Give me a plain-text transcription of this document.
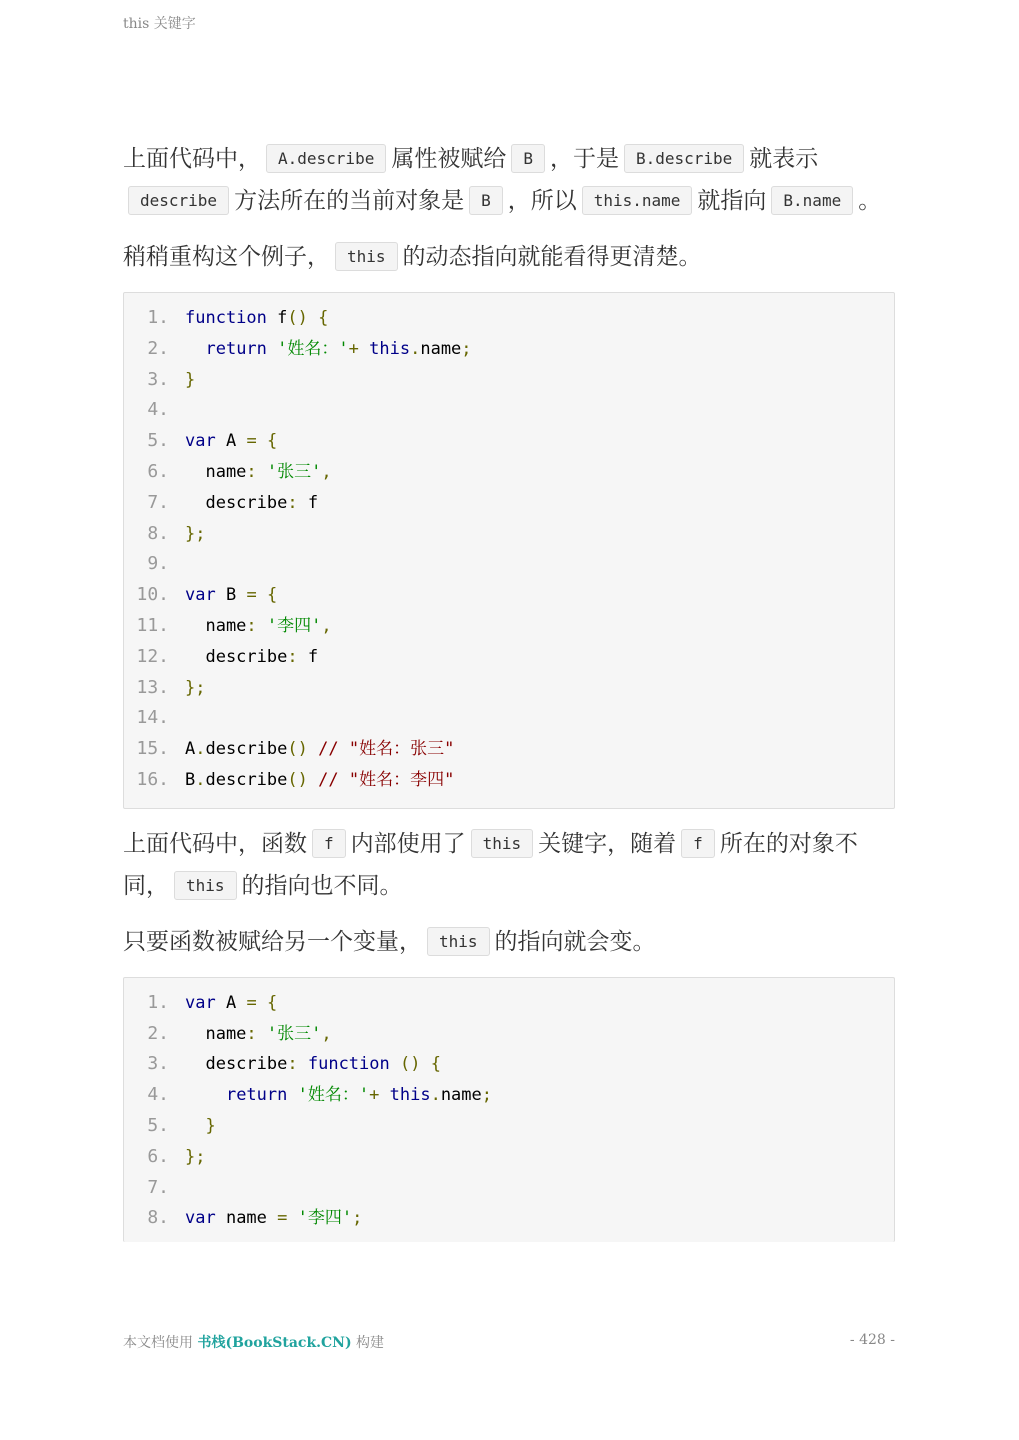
this 关键字

上面代码中， A.describe 属性被赋给 B ，于是 B.describe 就表示describe 方法所在的当前对象是 B ，所以 this.name 就指向 B.name 。

稍稍重构这个例子， this 的动态指向就能看得更清楚。

1. function f() {
2.	return '姓名：'+ this.name;
3. }
4.
5. var A = {
6. name: '张三',
7. describe: f
8. };
9.
10. var B = {
11. name: '李四',
12. describe: f
13. };
14.
15. A.describe() // "姓名：张三"
16. B.describe() // "姓名：李四"

上面代码中，函数 f 内部使用了 this 关键字，随着 f 所在的对象不同， this 的指向也不同。

只要函数被赋给另一个变量， this 的指向就会变。

1. var A = {
2. name: '张三',
3. describe: function () {
4.	return '姓名：'+ this.name;
5.	}
6. };
7.
8. var name = '李四';
本文档使用 书栈(BookStack.CN) 构建	- 428 -
